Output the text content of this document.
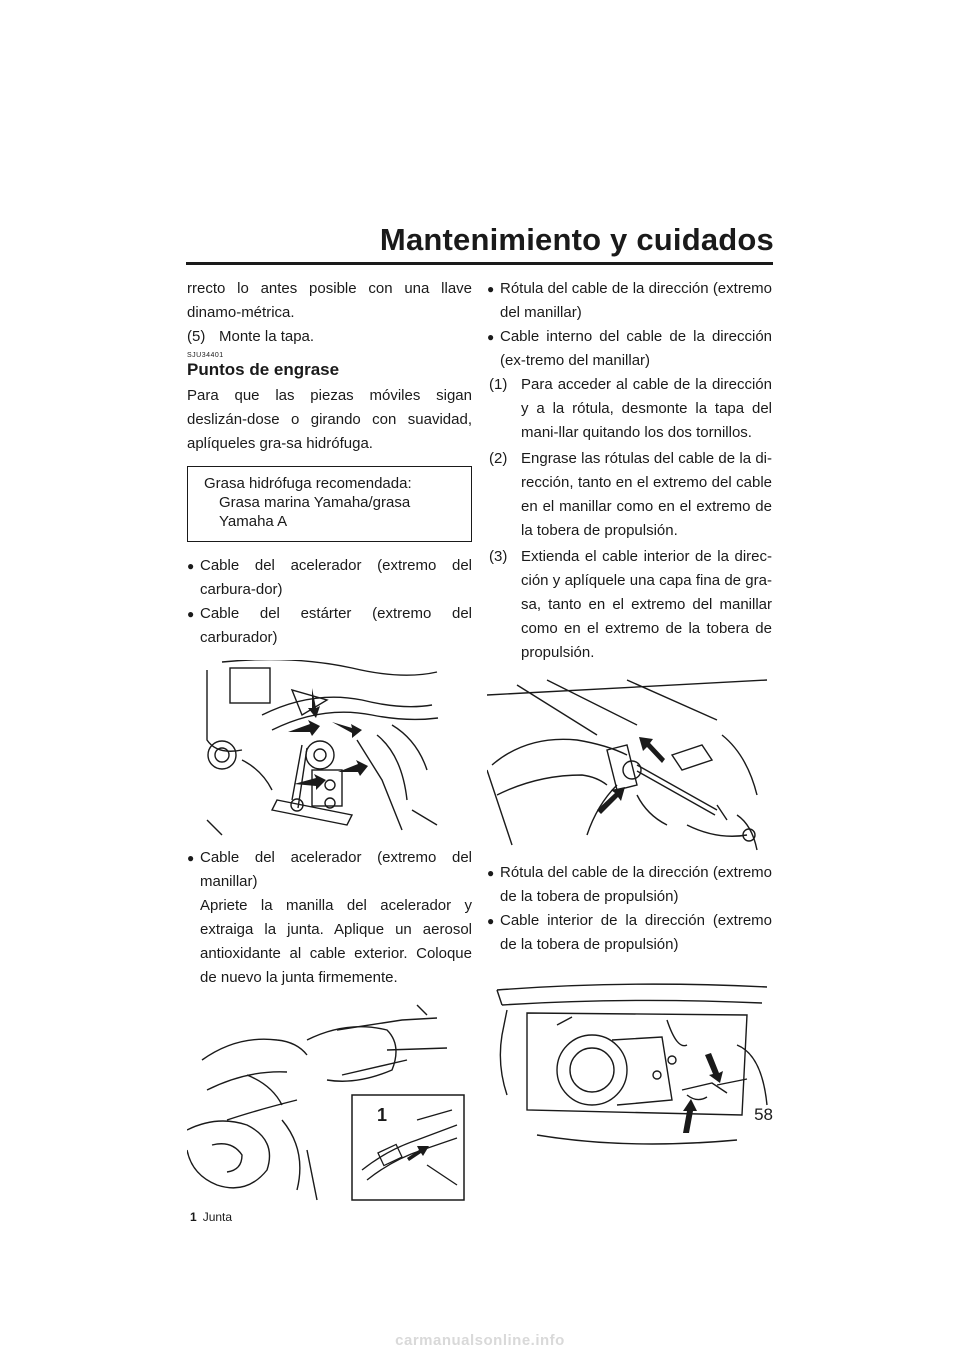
Mantenimiento y cuidados

rrecto lo antes posible con una llave dinamo-métrica.

(5) Monte la tapa.
SJU34401
Puntos de engrase

Para que las piezas móviles sigan deslizán-dose o girando con suavidad, aplíqueles gra-sa hidrófuga.

Grasa hidrófuga recomendada:
Grasa marina Yamaha/grasa Yamaha A
● Cable del acelerador (extremo del carbura-dor)
● Cable del estárter (extremo del carburador)
● Cable del acelerador (extremo del manillar)

Apriete la manilla del acelerador y extraiga la junta. Aplique un aerosol antioxidante al cable exterior. Coloque de nuevo la junta firmemente.

1
1 Junta
● Rótula del cable de la dirección (extremo del manillar)
● Cable interno del cable de la dirección (ex-tremo del manillar)
(1) Para acceder al cable de la dirección y a la rótula, desmonte la tapa del mani-llar quitando los dos tornillos.
(2) Engrase las rótulas del cable de la di-rección, tanto en el extremo del cable en el manillar como en el extremo de la tobera de propulsión.
(3) Extienda el cable interior de la direc-ción y aplíquele una capa fina de gra-sa, tanto en el extremo del manillar como en el extremo de la tobera de propulsión.
● Rótula del cable de la dirección (extremo de la tobera de propulsión)
● Cable interior de la dirección (extremo de la tobera de propulsión)
58
carmanualsonline.info
